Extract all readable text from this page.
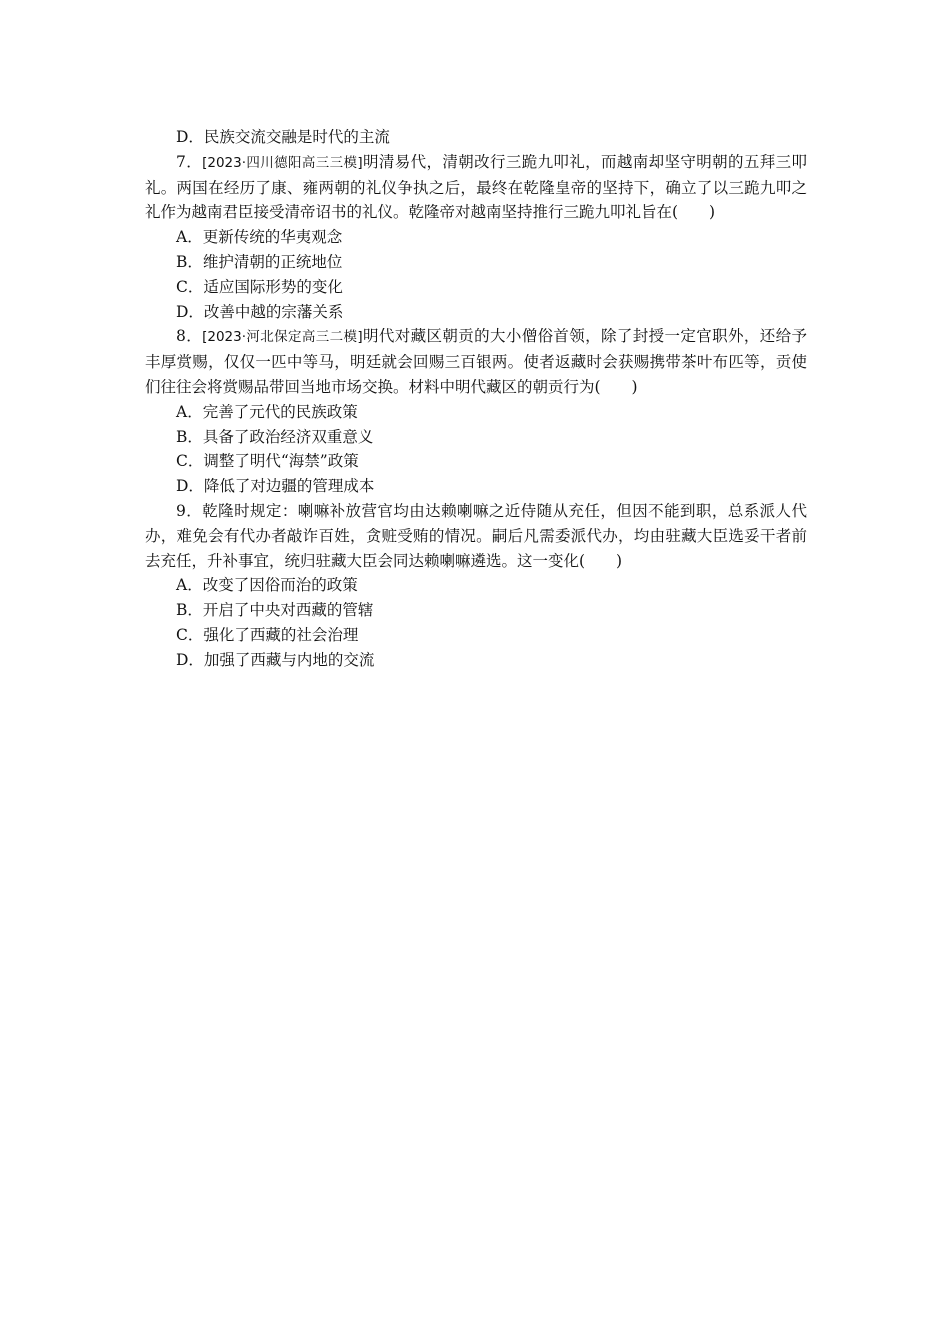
D．民族交流交融是时代的主流

7．[2023·四川德阳高三三模]明清易代，清朝改行三跪九叩礼，而越南却坚守明朝的五拜三叩礼。两国在经历了康、雍两朝的礼仪争执之后，最终在乾隆皇帝的坚持下，确立了以三跪九叩之礼作为越南君臣接受清帝诏书的礼仪。乾隆帝对越南坚持推行三跪九叩礼旨在(　　)

A．更新传统的华夷观念

B．维护清朝的正统地位

C．适应国际形势的变化

D．改善中越的宗藩关系

8．[2023·河北保定高三二模]明代对藏区朝贡的大小僧俗首领，除了封授一定官职外，还给予丰厚赏赐，仅仅一匹中等马，明廷就会回赐三百银两。使者返藏时会获赐携带茶叶布匹等，贡使们往往会将赏赐品带回当地市场交换。材料中明代藏区的朝贡行为(　　)

A．完善了元代的民族政策

B．具备了政治经济双重意义

C．调整了明代“海禁”政策

D．降低了对边疆的管理成本

9．乾隆时规定：喇嘛补放营官均由达赖喇嘛之近侍随从充任，但因不能到职，总系派人代办，难免会有代办者敲诈百姓，贪赃受贿的情况。嗣后凡需委派代办，均由驻藏大臣选妥干者前去充任，升补事宜，统归驻藏大臣会同达赖喇嘛遴选。这一变化(　　)

A．改变了因俗而治的政策

B．开启了中央对西藏的管辖

C．强化了西藏的社会治理

D．加强了西藏与内地的交流
